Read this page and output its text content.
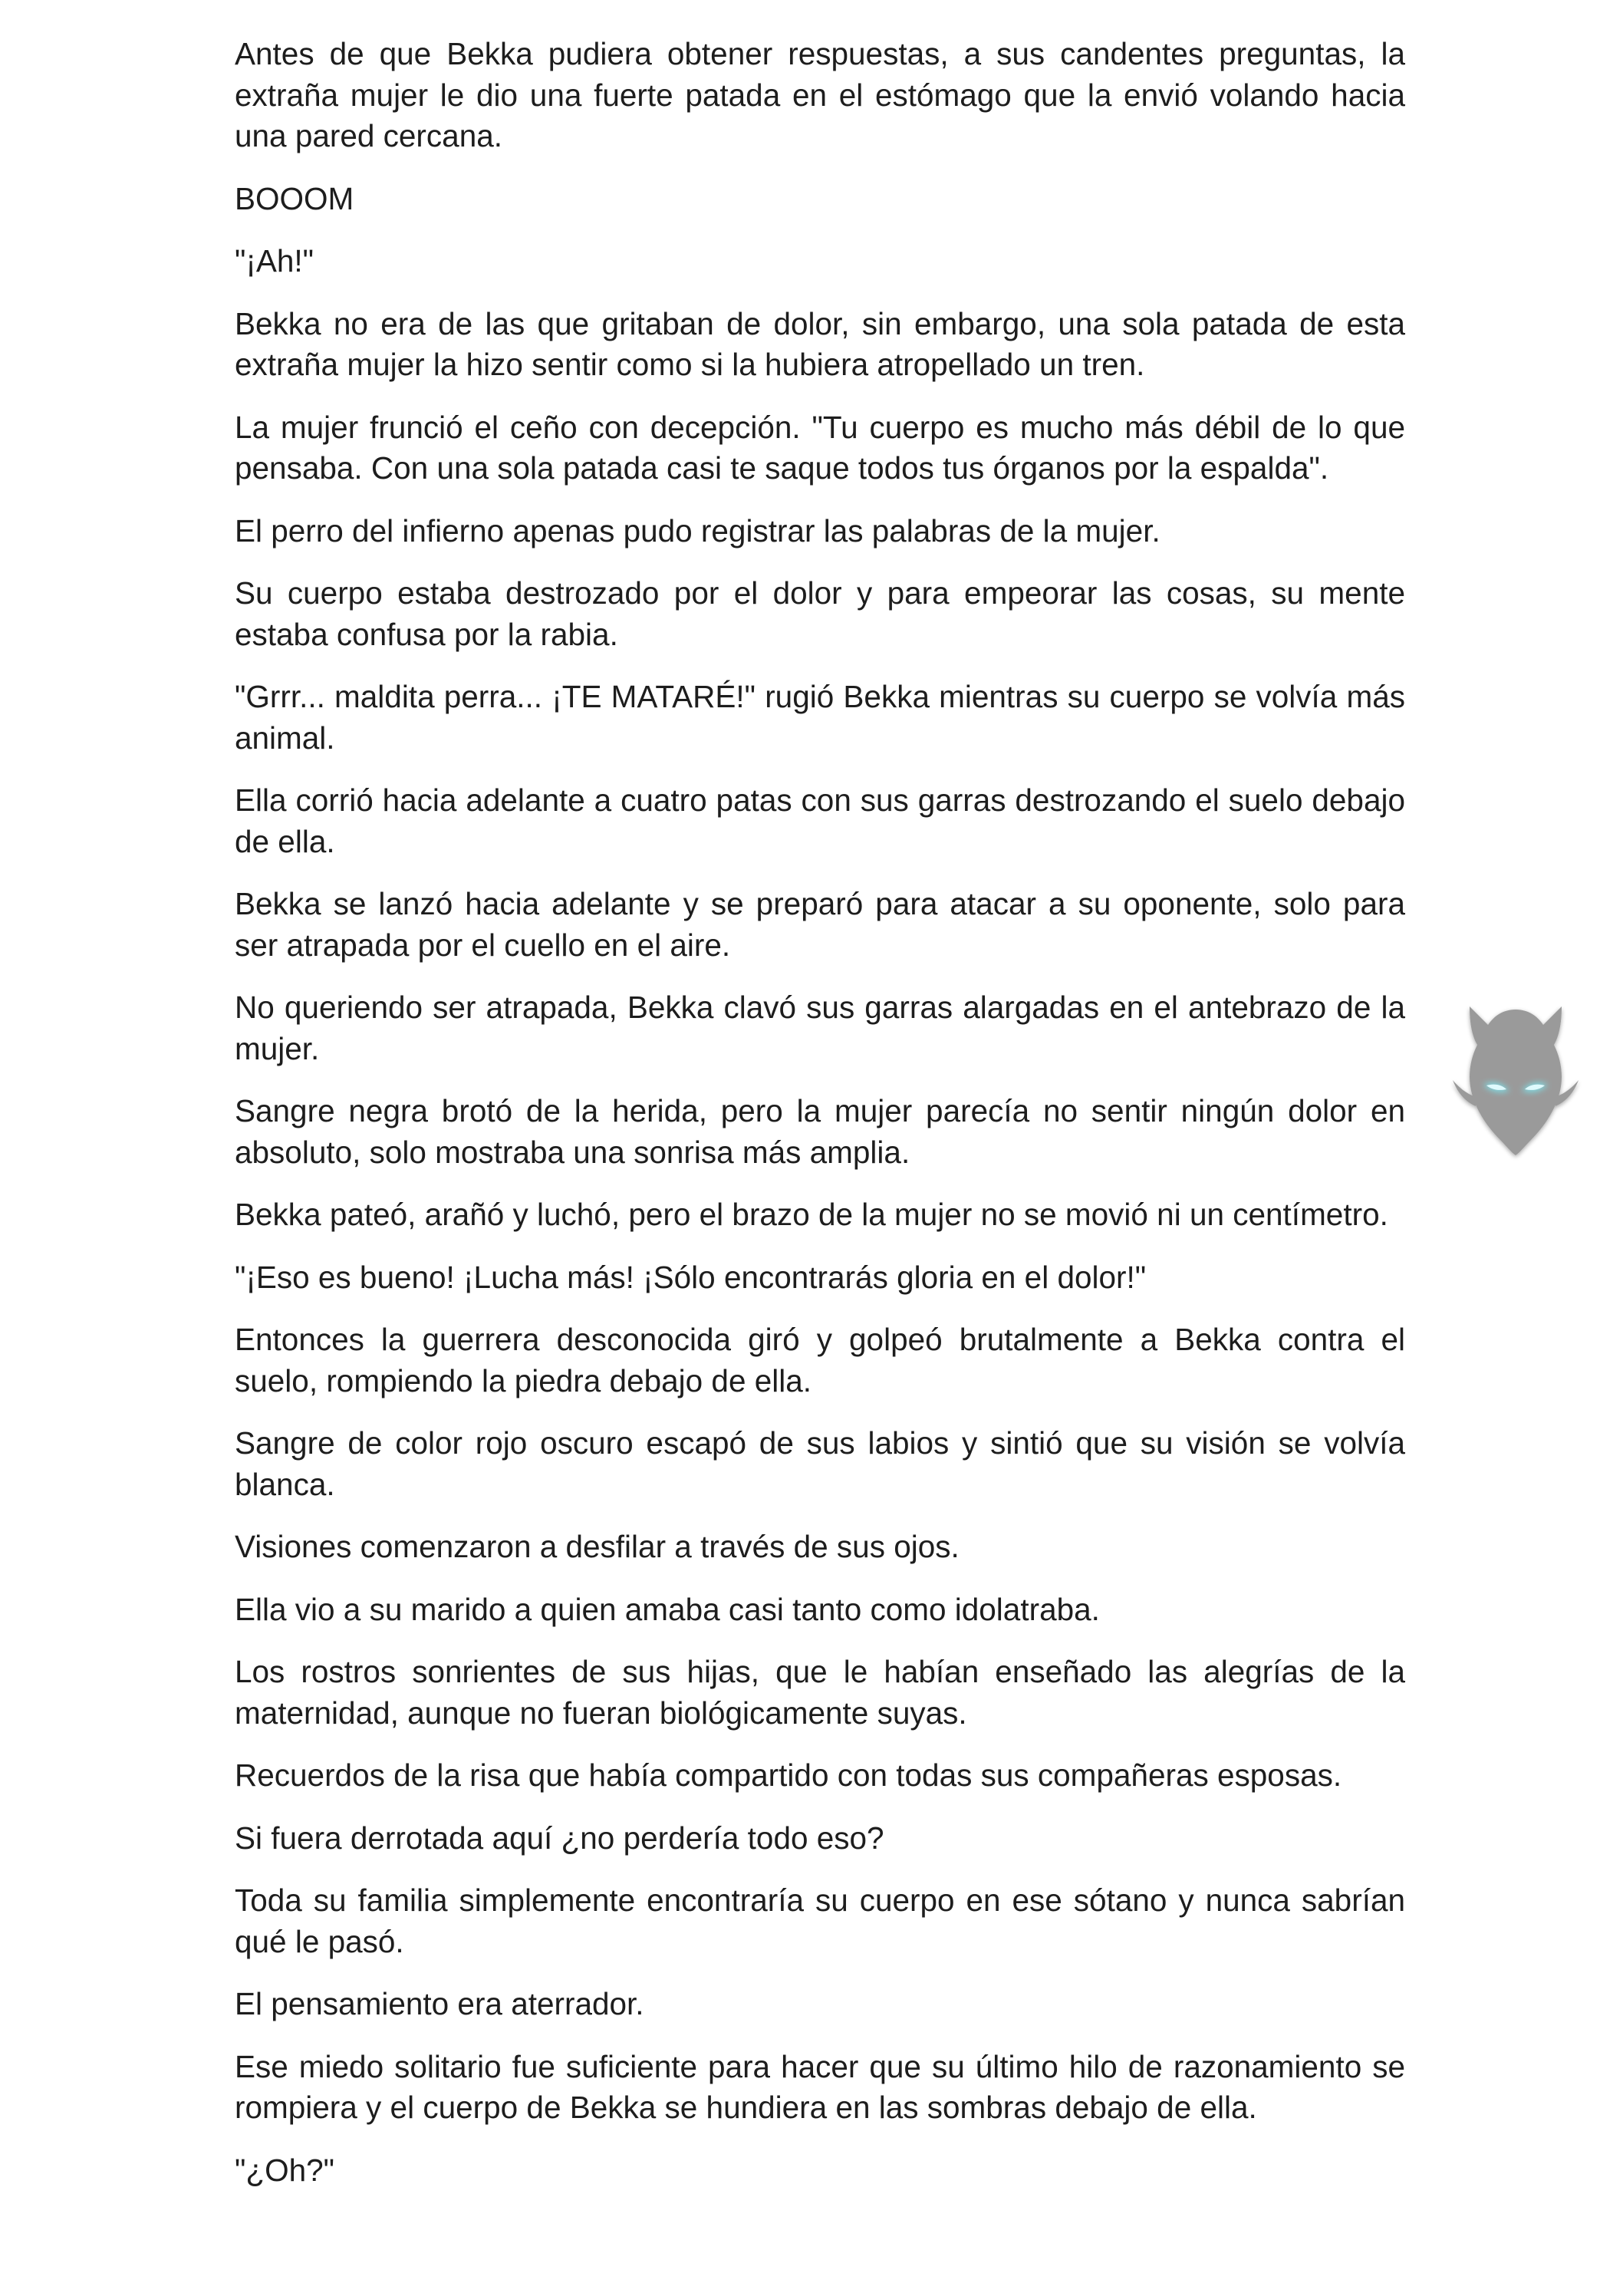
Antes de que Bekka pudiera obtener respuestas, a sus candentes preguntas, la extraña mujer le dio una fuerte patada en el estómago que la envió volando hacia una pared cercana.

BOOOM

"¡Ah!"

Bekka no era de las que gritaban de dolor, sin embargo, una sola patada de esta extraña mujer la hizo sentir como si la hubiera atropellado un tren.

La mujer frunció el ceño con decepción. "Tu cuerpo es mucho más débil de lo que pensaba. Con una sola patada casi te saque todos tus órganos por la espalda".

El perro del infierno apenas pudo registrar las palabras de la mujer.

Su cuerpo estaba destrozado por el dolor y para empeorar las cosas, su mente estaba confusa por la rabia.

"Grrr... maldita perra... ¡TE MATARÉ!" rugió Bekka mientras su cuerpo se volvía más animal.

Ella corrió hacia adelante a cuatro patas con sus garras destrozando el suelo debajo de ella.

Bekka se lanzó hacia adelante y se preparó para atacar a su oponente, solo para ser atrapada por el cuello en el aire.

No queriendo ser atrapada, Bekka clavó sus garras alargadas en el antebrazo de la mujer.

Sangre negra brotó de la herida, pero la mujer parecía no sentir ningún dolor en absoluto, solo mostraba una sonrisa más amplia.

Bekka pateó, arañó y luchó, pero el brazo de la mujer no se movió ni un centímetro.

"¡Eso es bueno! ¡Lucha más! ¡Sólo encontrarás gloria en el dolor!"

Entonces la guerrera desconocida giró y golpeó brutalmente a Bekka contra el suelo, rompiendo la piedra debajo de ella.

Sangre de color rojo oscuro escapó de sus labios y sintió que su visión se volvía blanca.

Visiones comenzaron a desfilar a través de sus ojos.

Ella vio a su marido a quien amaba casi tanto como idolatraba.

Los rostros sonrientes de sus hijas, que le habían enseñado las alegrías de la maternidad, aunque no fueran biológicamente suyas.

Recuerdos de la risa que había compartido con todas sus compañeras esposas.

Si fuera derrotada aquí ¿no perdería todo eso?

Toda su familia simplemente encontraría su cuerpo en ese sótano y nunca sabrían qué le pasó.

El pensamiento era aterrador.

Ese miedo solitario fue suficiente para hacer que su último hilo de razonamiento se rompiera y el cuerpo de Bekka se hundiera en las sombras debajo de ella.

"¿Oh?"
